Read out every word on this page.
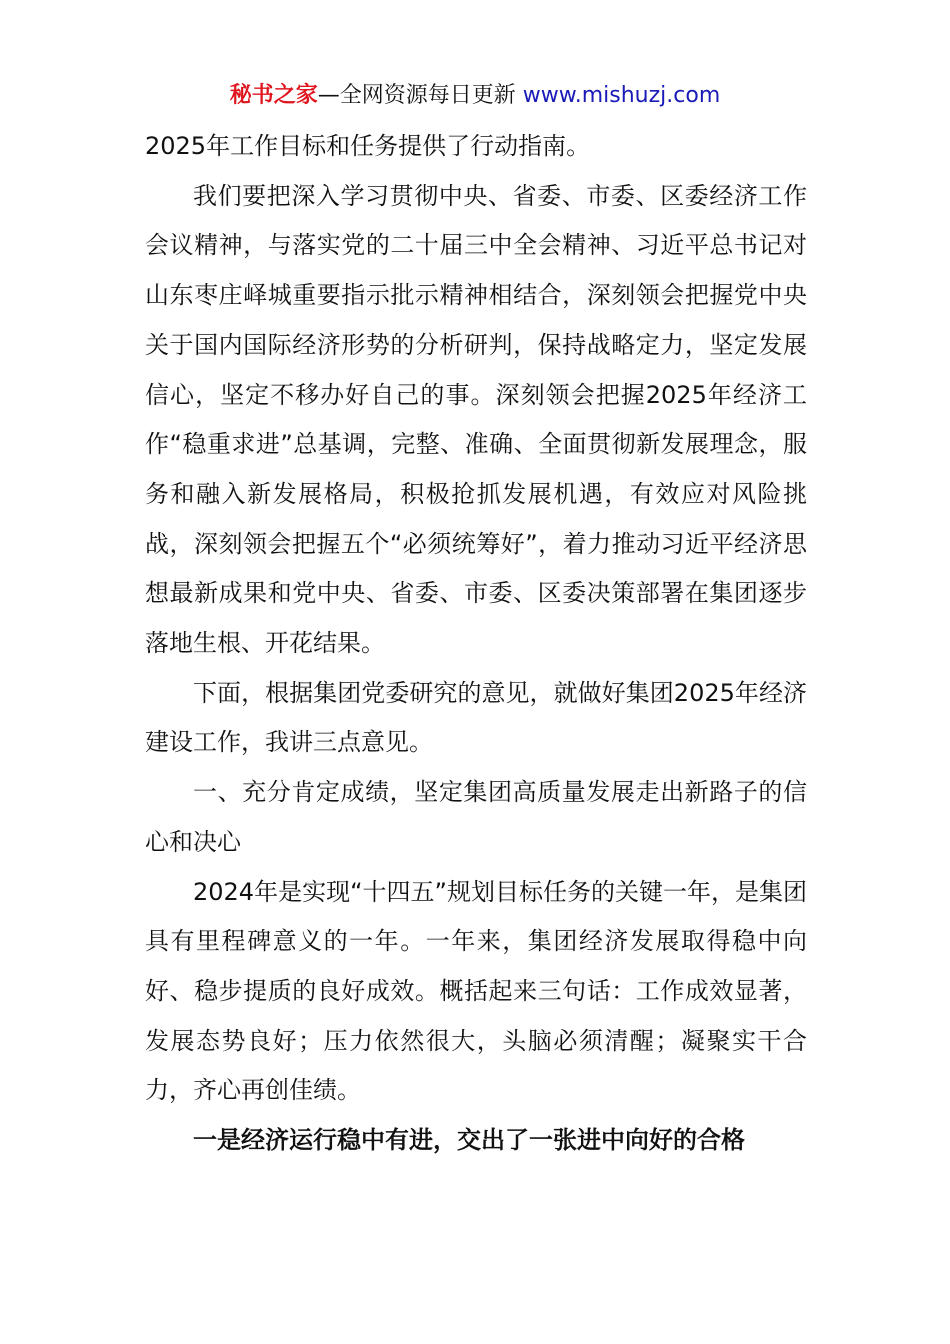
秘书之家—全网资源每日更新 www.mishuzj.com

2025年工作目标和任务提供了行动指南。

我们要把深入学习贯彻中央、省委、市委、区委经济工作会议精神，与落实党的二十届三中全会精神、习近平总书记对山东枣庄峄城重要指示批示精神相结合，深刻领会把握党中央关于国内国际经济形势的分析研判，保持战略定力，坚定发展信心，坚定不移办好自己的事。深刻领会把握2025年经济工作“稳重求进”总基调，完整、准确、全面贯彻新发展理念，服务和融入新发展格局，积极抢抓发展机遇，有效应对风险挑战，深刻领会把握五个“必须统筹好”，着力推动习近平经济思想最新成果和党中央、省委、市委、区委决策部署在集团逐步落地生根、开花结果。

下面，根据集团党委研究的意见，就做好集团2025年经济建设工作，我讲三点意见。

一、充分肯定成绩，坚定集团高质量发展走出新路子的信心和决心

2024年是实现“十四五”规划目标任务的关键一年，是集团具有里程碑意义的一年。一年来，集团经济发展取得稳中向好、稳步提质的良好成效。概括起来三句话：工作成效显著，发展态势良好；压力依然很大，头脑必须清醒；凝聚实干合力，齐心再创佳绩。

一是经济运行稳中有进，交出了一张进中向好的合格
